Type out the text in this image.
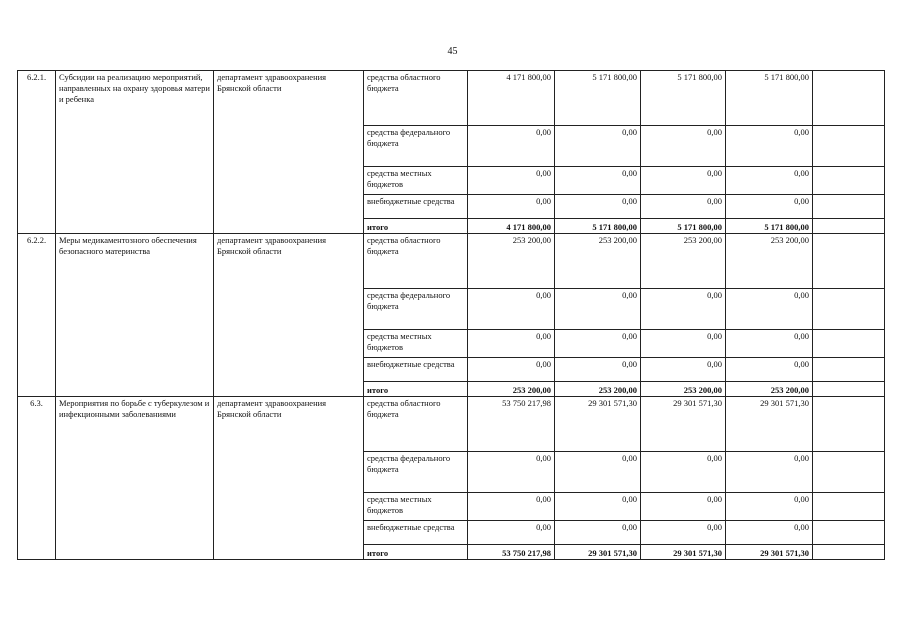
45
6.2.1.	Субсидии на реализацию мероприятий, направленных на охрану здоровья матери и ребенка	департамент здравоохранения Брянской области	средства областного бюджета	4 171 800,00	5 171 800,00	5 171 800,00	5 171 800,00	
			средства федерального бюджета	0,00	0,00	0,00	0,00	
			средства местных бюджетов	0,00	0,00	0,00	0,00	
			внебюджетные средства	0,00	0,00	0,00	0,00	
			итого	4 171 800,00	5 171 800,00	5 171 800,00	5 171 800,00	
6.2.2.	Меры медикаментозного обеспечения безопасного материнства	департамент здравоохранения Брянской области	средства областного бюджета	253 200,00	253 200,00	253 200,00	253 200,00	
			средства федерального бюджета	0,00	0,00	0,00	0,00	
			средства местных бюджетов	0,00	0,00	0,00	0,00	
			внебюджетные средства	0,00	0,00	0,00	0,00	
			итого	253 200,00	253 200,00	253 200,00	253 200,00	
6.3.	Мероприятия по борьбе с туберкулезом и инфекционными заболеваниями	департамент здравоохранения Брянской области	средства областного бюджета	53 750 217,98	29 301 571,30	29 301 571,30	29 301 571,30	
			средства федерального бюджета	0,00	0,00	0,00	0,00	
			средства местных бюджетов	0,00	0,00	0,00	0,00	
			внебюджетные средства	0,00	0,00	0,00	0,00	
			итого	53 750 217,98	29 301 571,30	29 301 571,30	29 301 571,30	
